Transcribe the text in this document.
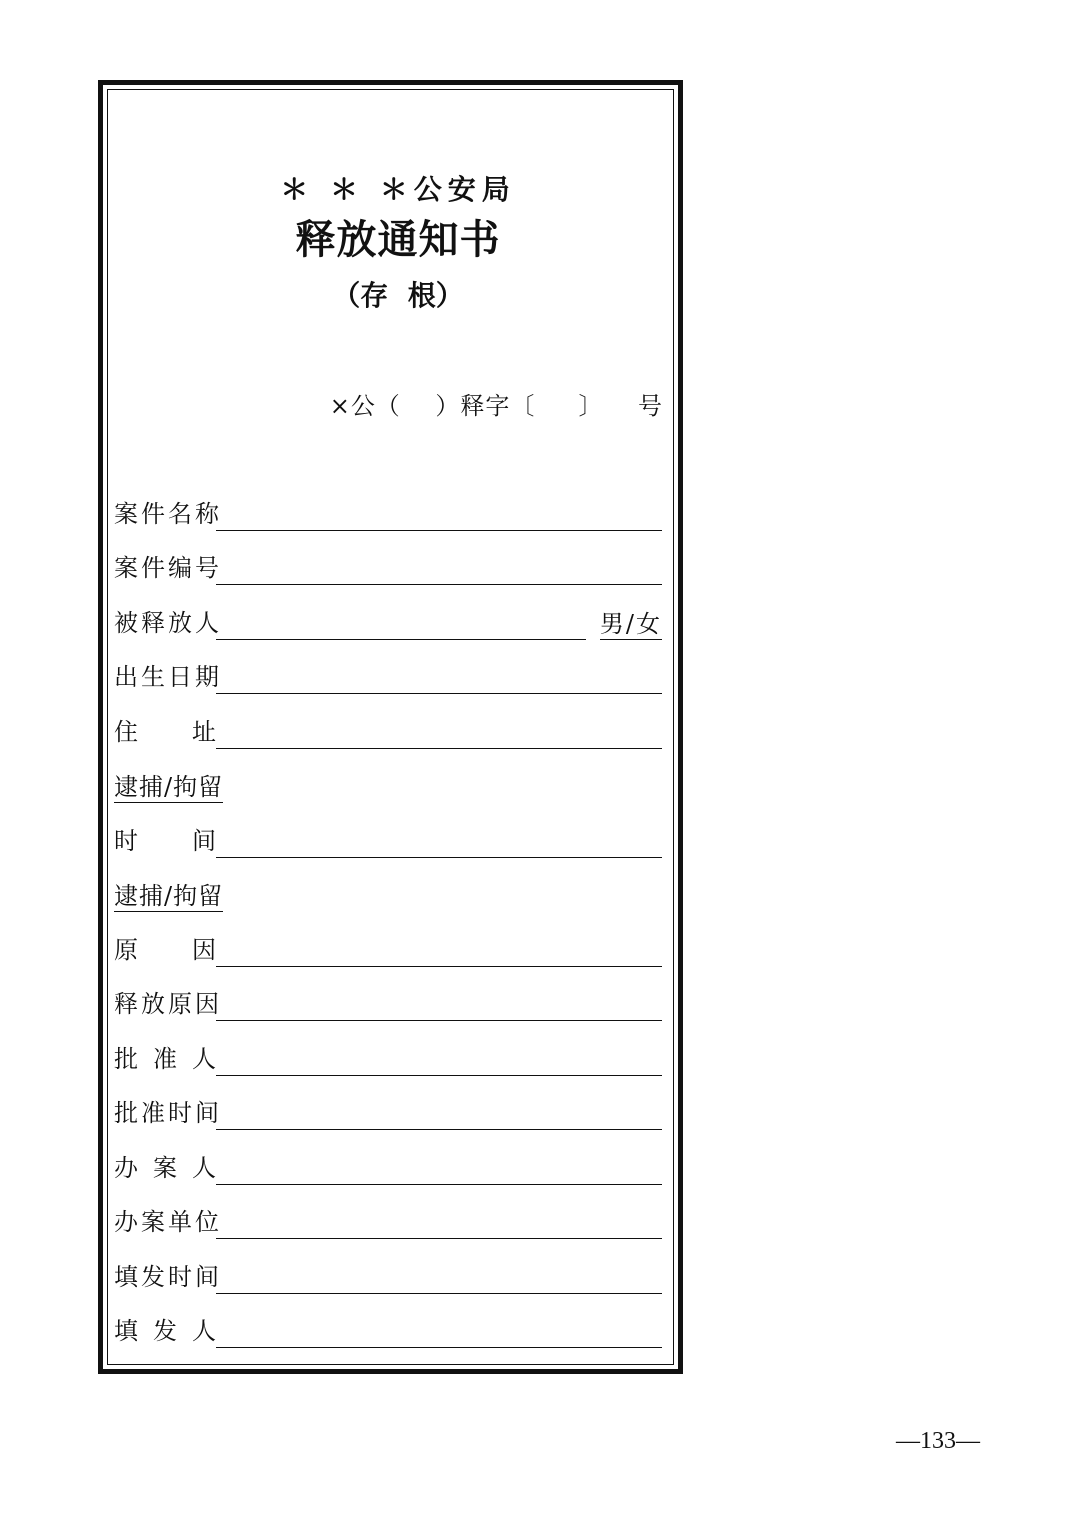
＊ ＊ ＊公安局
释放通知书
（存  根）
×公（    ）释字〔     〕    号
案件名称
案件编号
被释放人	男/女
出生日期
住 址
逮捕/拘留
时 间
逮捕/拘留
原 因
释放原因
批 准 人
批准时间
办 案 人
办案单位
填发时间
填 发 人
—133—
